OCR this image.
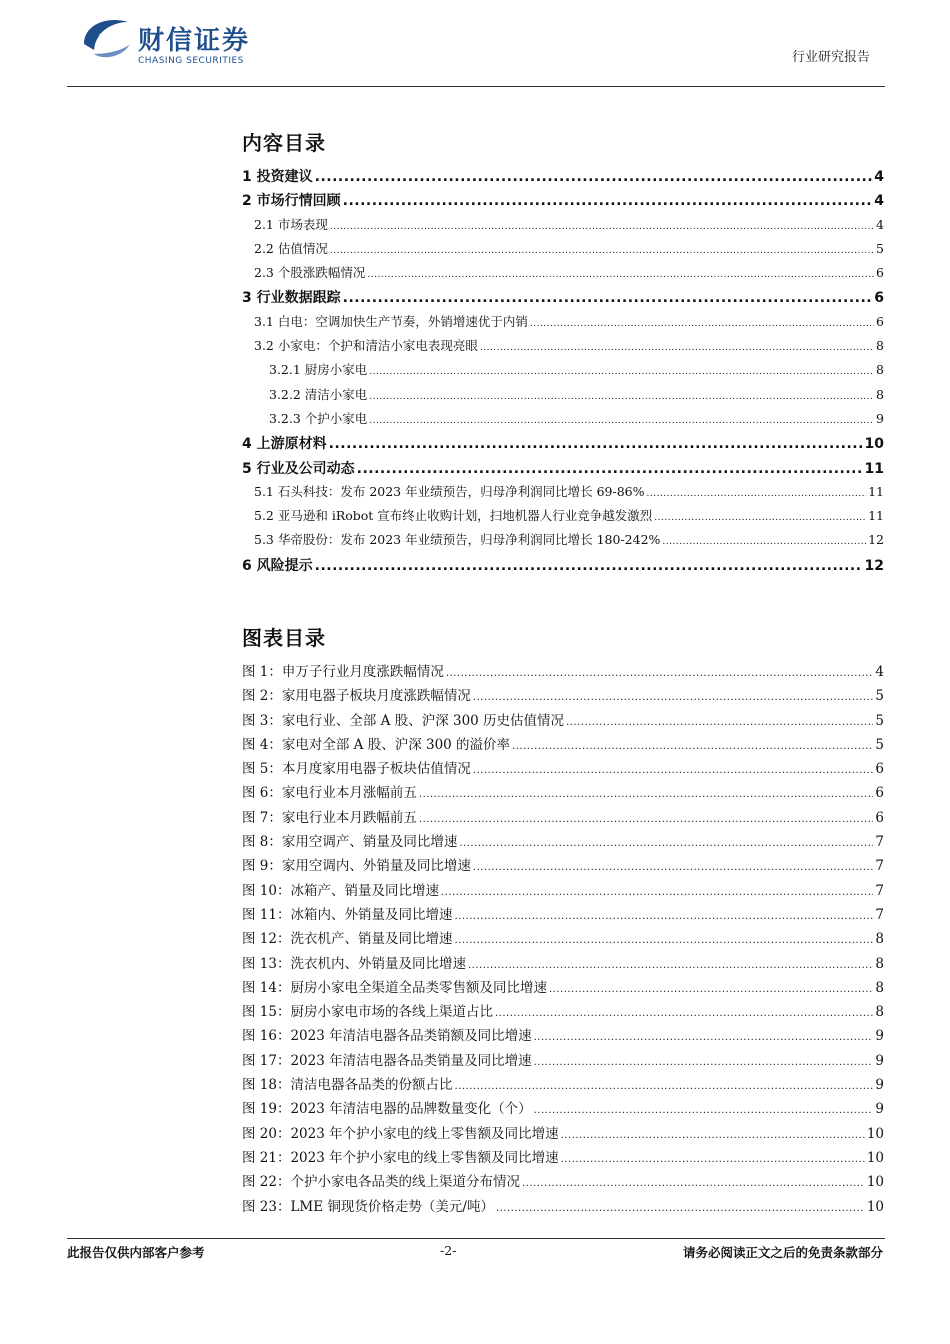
财信证券
CHASING SECURITIES	行业研究报告
内容目录
1 投资建议 .....	4
2 市场行情回顾 .....	4
2.1 市场表现 .....	4
2.2 估值情况 .....	5
2.3 个股涨跌幅情况 .....	6
3 行业数据跟踪 .....	6
3.1 白电：空调加快生产节奏，外销增速优于内销 .....	6
3.2 小家电：个护和清洁小家电表现亮眼 .....	8
3.2.1 厨房小家电 .....	8
3.2.2 清洁小家电 .....	8
3.2.3 个护小家电 .....	9
4 上游原材料 .....	10
5 行业及公司动态 .....	11
5.1 石头科技：发布 2023 年业绩预告，归母净利润同比增长 69-86% .....	11
5.2 亚马逊和 iRobot 宣布终止收购计划，扫地机器人行业竞争越发激烈 .....	11
5.3 华帝股份：发布 2023 年业绩预告，归母净利润同比增长 180-242% .....	12
6 风险提示 .....	12
图表目录
图 1：申万子行业月度涨跌幅情况 .....	4
图 2：家用电器子板块月度涨跌幅情况 .....	5
图 3：家电行业、全部 A 股、沪深 300 历史估值情况 .....	5
图 4：家电对全部 A 股、沪深 300 的溢价率 .....	5
图 5：本月度家用电器子板块估值情况 .....	6
图 6：家电行业本月涨幅前五 .....	6
图 7：家电行业本月跌幅前五 .....	6
图 8：家用空调产、销量及同比增速 .....	7
图 9：家用空调内、外销量及同比增速 .....	7
图 10：冰箱产、销量及同比增速 .....	7
图 11：冰箱内、外销量及同比增速 .....	7
图 12：洗衣机产、销量及同比增速 .....	8
图 13：洗衣机内、外销量及同比增速 .....	8
图 14：厨房小家电全渠道全品类零售额及同比增速 .....	8
图 15：厨房小家电市场的各线上渠道占比 .....	8
图 16：2023 年清洁电器各品类销额及同比增速 .....	9
图 17：2023 年清洁电器各品类销量及同比增速 .....	9
图 18：清洁电器各品类的份额占比 .....	9
图 19：2023 年清洁电器的品牌数量变化（个） .....	9
图 20：2023 年个护小家电的线上零售额及同比增速 .....	10
图 21：2023 年个护小家电的线上零售额及同比增速 .....	10
图 22：个护小家电各品类的线上渠道分布情况 .....	10
图 23：LME 铜现货价格走势（美元/吨） .....	10
此报告仅供内部客户参考	-2-	请务必阅读正文之后的免责条款部分
